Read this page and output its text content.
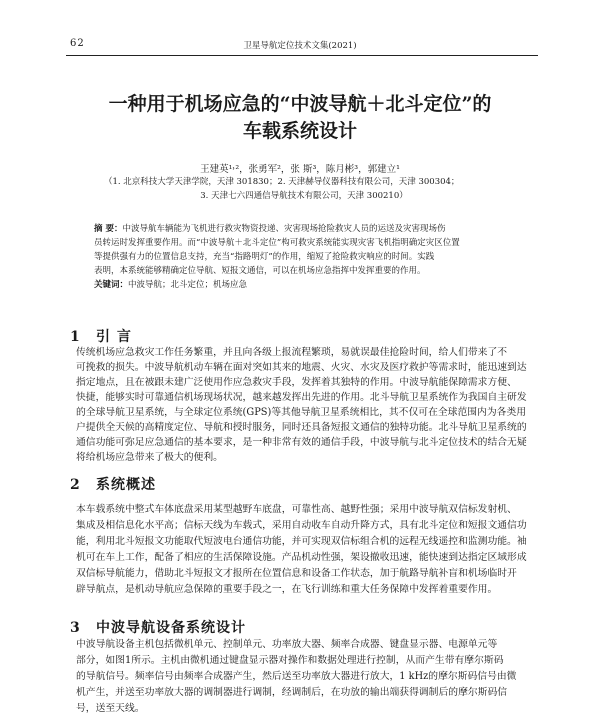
62	卫星导航定位技术文集(2021)
一种用于机场应急的“中波导航＋北斗定位”的
车载系统设计
王建英¹˒²，张勇军²，张 斯³，陈月彬³，郭建立¹
（1. 北京科技大学天津学院，天津 301830；2. 天津赫导仪器科技有限公司，天津 300304；
3. 天津七六四通信导航技术有限公司，天津 300210）
摘 要：中波导航车辆能为飞机进行救灾物资投递、灾害现场抢险救灾人员的运送及灾害现场伤
员转运时发挥重要作用。而“中波导航＋北斗定位”构可救灾系统能实现灾害飞机指明确定灾区位置
等提供强有力的位置信息支持，充当“指路明灯”的作用，缩短了抢险救灾响应的时间。实践
表明，本系统能够精确定位导航、短报文通信，可以在机场应急指挥中发挥重要的作用。
关键词：中波导航；北斗定位；机场应急
1 引 言
传统机场应急救灾工作任务繁重，并且向各级上报流程繁琐，易就误最佳抢险时间，给人们带来了不
可挽救的损失。中波导航机动车辆在面对突如其来的地震、火灾、水灾及医疗救护等需求时，能迅速到达
指定地点，且在被跟未建广泛使用作应急救灾手段，发挥着其独特的作用。中波导航能保障需求方便、
快捷，能够实时可靠通信机场现场状况，越来越发挥出先进的作用。北斗导航卫星系统作为我国自主研发
的全球导航卫星系统，与全球定位系统(GPS)等其他导航卫星系统相比，其不仅可在全球范围内为各类用
户提供全天候的高精度定位、导航和授时服务，同时还具备短报文通信的独特功能。北斗导航卫星系统的
通信功能可弥足应急通信的基本要求，是一种非常有效的通信手段，中波导航与北斗定位技术的结合无疑
将给机场应急带来了极大的便利。
2 系统概述
本车载系统中整式车体底盘采用某型越野车底盘，可靠性高、越野性强；采用中波导航双信标发射机、
集成及相信息化水平高；信标天线为车载式，采用自动收车自动升降方式，具有北斗定位和短报文通信功
能，利用北斗短报文功能取代短波电台通信功能，并可实现双信标组合机的远程无线遥控和监测功能。袖
机可在车上工作，配备了相应的生活保障设施。产品机动性强，架设撤收迅速，能快速到达指定区域形成
双信标导航能力，借助北斗短报文才报所在位置信息和设备工作状态，加于航路导航补盲和机场临时开
辟导航点，是机动导航应急保障的重要手段之一，在飞行训练和重大任务保障中发挥着重要作用。
3 中波导航设备系统设计
中波导航设备主机包括微机单元、控制单元、功率放大器、频率合成器、键盘显示器、电源单元等
部分，如图1所示。主机由微机通过键盘显示器对操作和数据处理进行控制，从而产生带有摩尔斯码
的导航信号。频率信号由频率合成器产生，然后送至功率放大器进行放大，1 kHz的摩尔斯码信号由微
机产生，并送至功率放大器的调制器进行调制，经调制后，在功放的输出端获得调制后的摩尔斯码信
号，送至天线。
